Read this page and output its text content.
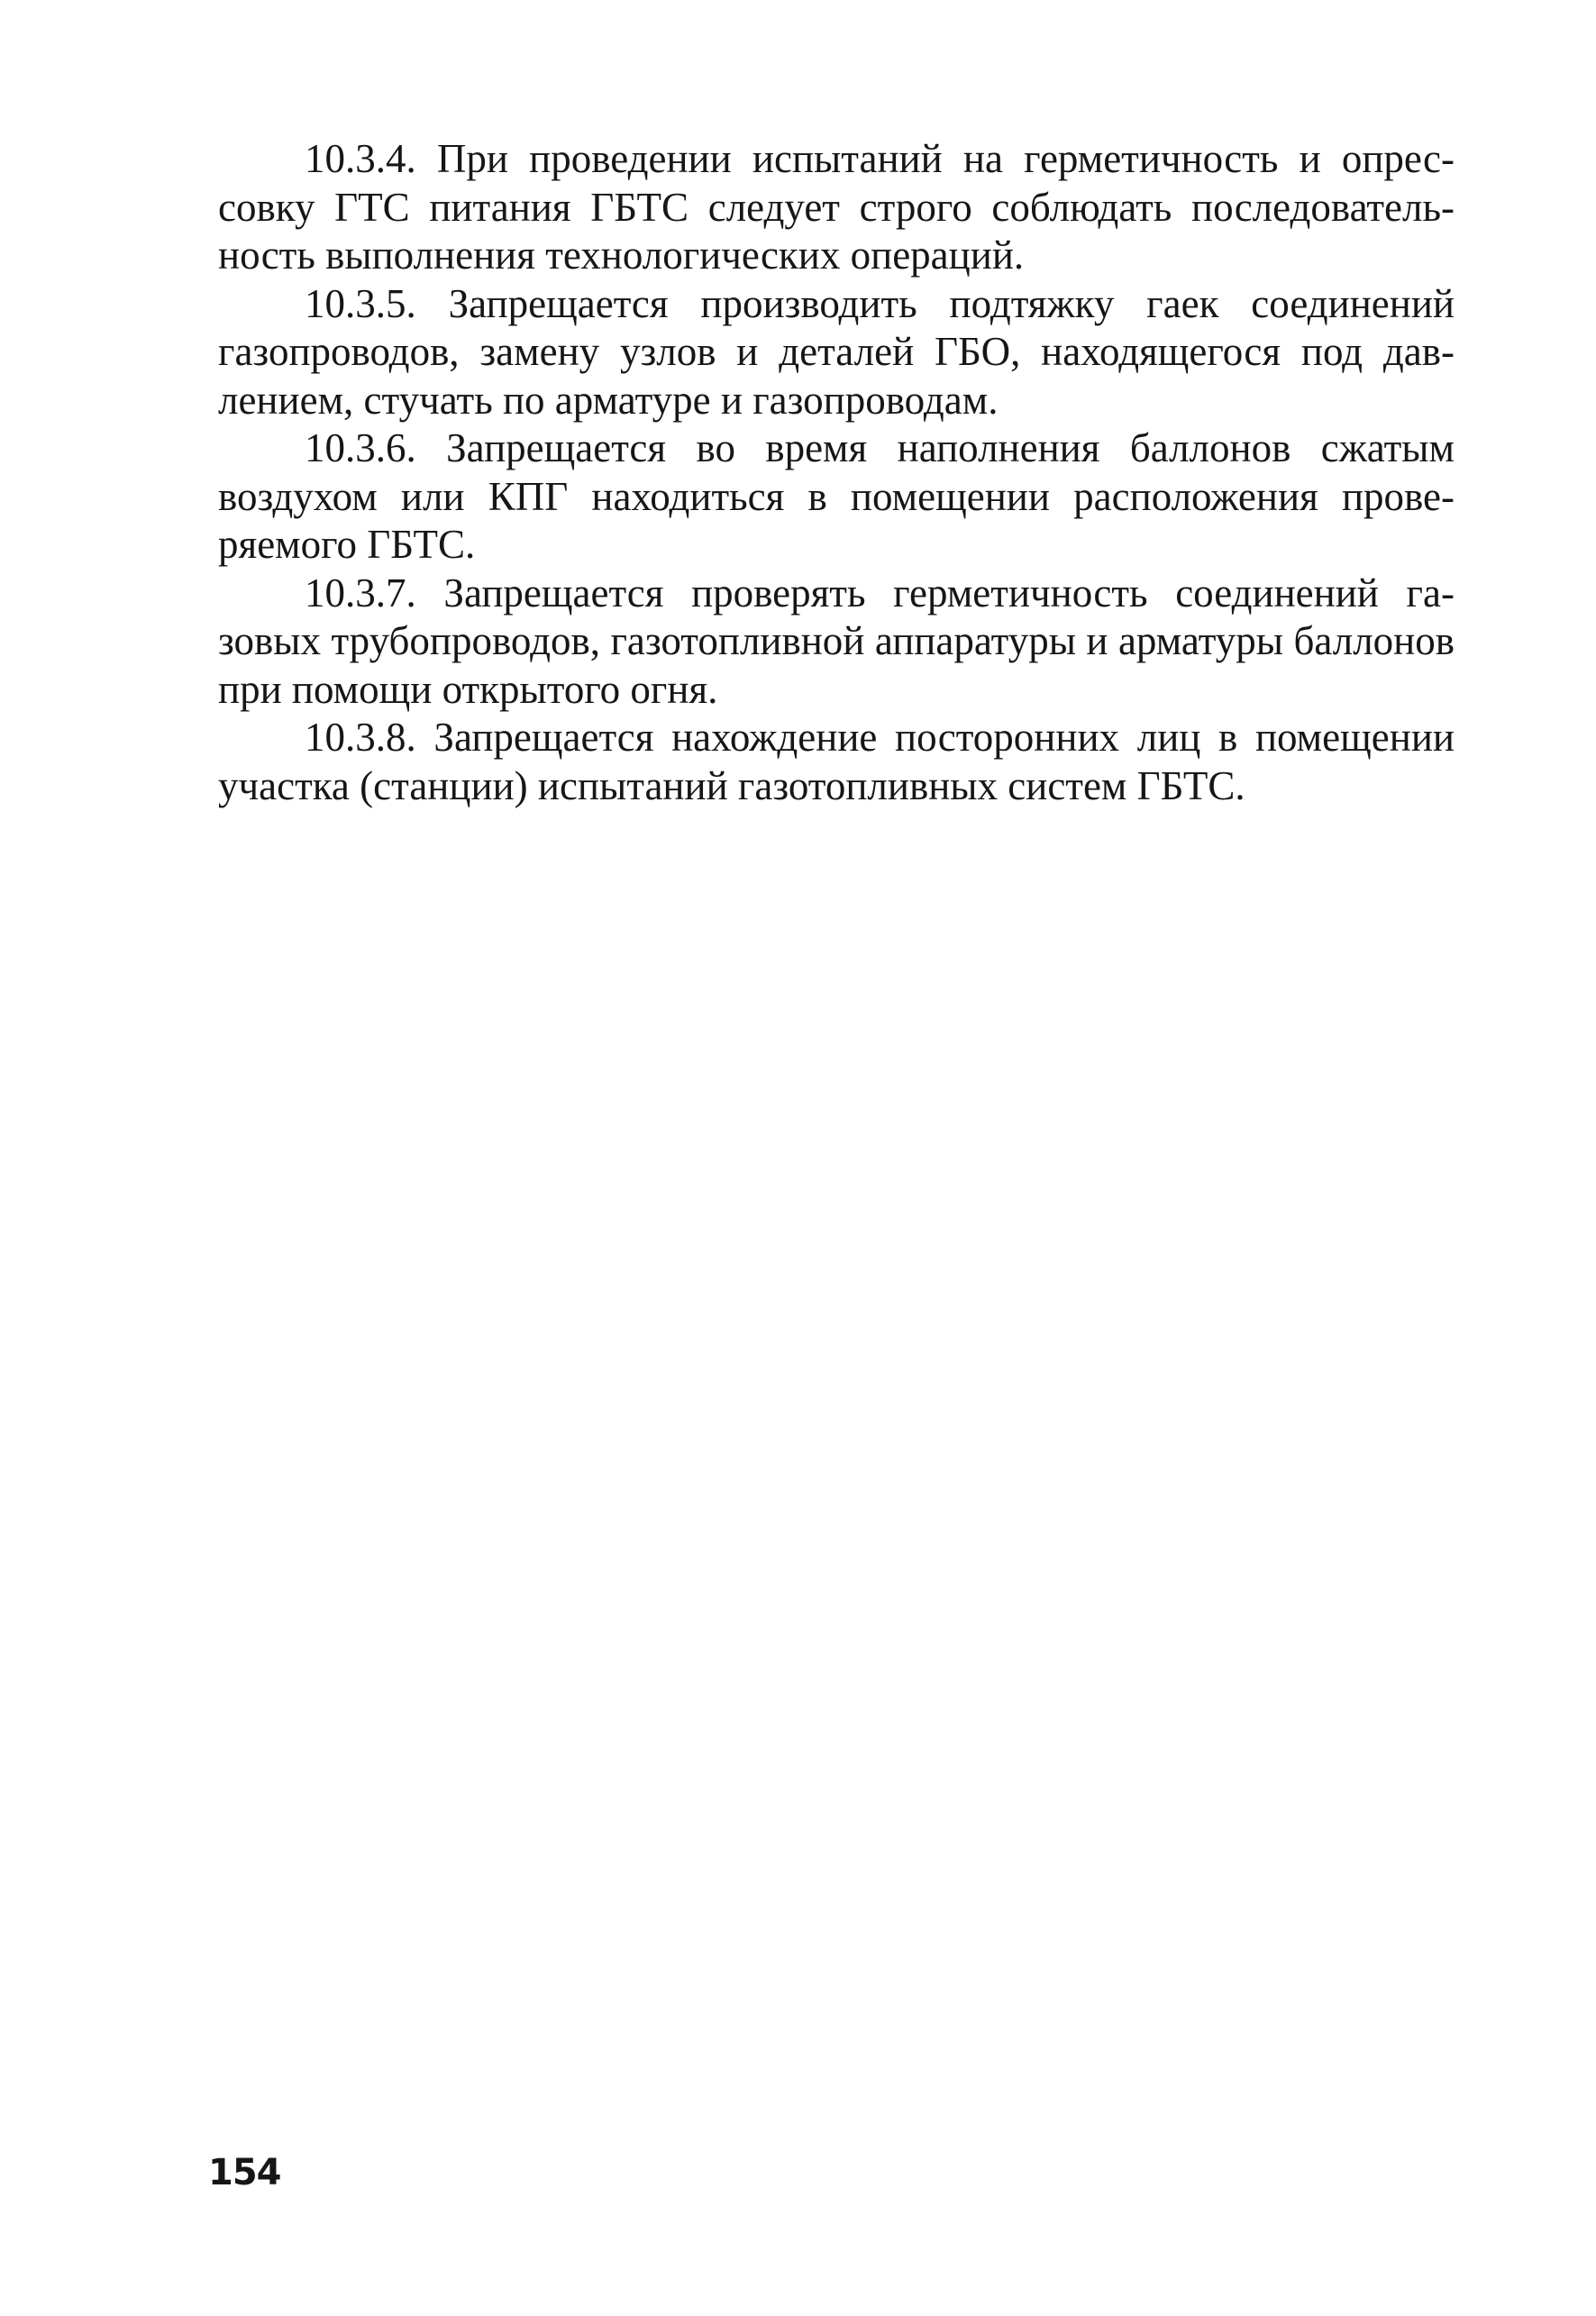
10.3.4. При проведении испытаний на герметичность и опрессовку ГТС питания ГБТС следует строго соблюдать последовательность выполнения технологических операций.

10.3.5. Запрещается производить подтяжку гаек соединений газопроводов, замену узлов и деталей ГБО, находящегося под давлением, стучать по арматуре и газопроводам.

10.3.6. Запрещается во время наполнения баллонов сжатым воздухом или КПГ находиться в помещении расположения проверяемого ГБТС.

10.3.7. Запрещается проверять герметичность соединений газовых трубопроводов, газотопливной аппаратуры и арматуры баллонов при помощи открытого огня.

10.3.8. Запрещается нахождение посторонних лиц в помещении участка (станции) испытаний газотопливных систем ГБТС.

154
